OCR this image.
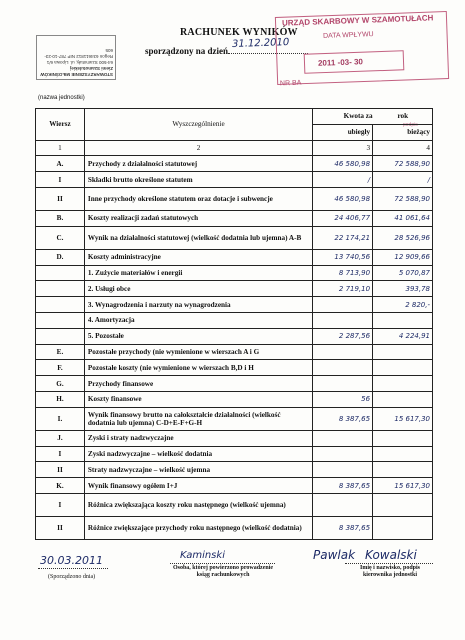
RACHUNEK WYNIKÓW
sporządzony na dzień
31.12.2010
STOWARZYSZENIE MIŁOŚNIKÓW
Ziemi Szamotulskiej
64-500 Szamotuły, ul. Lipowa 6/1
Regon 634611812 NIP 787-10-23-605
(nazwa jednostki)
URZĄD SKARBOWY W SZAMOTUŁACH
DATA WPŁYWU
2011 -03- 30
NR BA
podpis
Wiersz	Wyszczególnienie	Kwota za	rok
		ubiegły	bieżący
1	2	3	4
A.	Przychody z działalności statutowej	46 580,98	72 588,90
I	Składki brutto określone statutem	/	/
II	Inne przychody określone statutem oraz dotacje i subwencje	46 580,98	72 588,90
B.	Koszty realizacji zadań statutowych	24 406,77	41 061,64
C.	Wynik na działalności statutowej (wielkość dodatnia lub ujemna) A-B	22 174,21	28 526,96
D.	Koszty administracyjne	13 740,56	12 909,66
	1. Zużycie materiałów i energii	8 713,90	5 070,87
	2. Usługi obce	2 719,10	393,78
	3. Wynagrodzenia i narzuty na wynagrodzenia		2 820,-
	4. Amortyzacja		
	5. Pozostałe	2 287,56	4 224,91
E.	Pozostałe przychody (nie wymienione w wierszach A i G		
F.	Pozostałe koszty (nie wymienione w wierszach B,D i H		
G.	Przychody finansowe		
H.	Koszty finansowe	56	
I.	Wynik finansowy brutto na całokształcie działalności (wielkość dodatnia lub ujemna) C-D+E-F+G-H	8 387,65	15 617,30
J.	Zyski i straty nadzwyczajne		
I	Zyski nadzwyczajne – wielkość dodatnia		
II	Straty nadzwyczajne – wielkość ujemna		
K.	Wynik finansowy ogółem I+J	8 387,65	15 617,30
I	Różnica zwiększająca koszty roku następnego (wielkość ujemna)		
II	Różnice zwiększające przychody roku następnego (wielkość dodatnia)	8 387,65	
30.03.2011
(Sporządzono dnia)
Kaminski
Osoba, której powierzono prowadzenie
ksiąg rachunkowych
Pawlak Kowalski
Imię i nazwisko, podpis
kierownika jednostki
